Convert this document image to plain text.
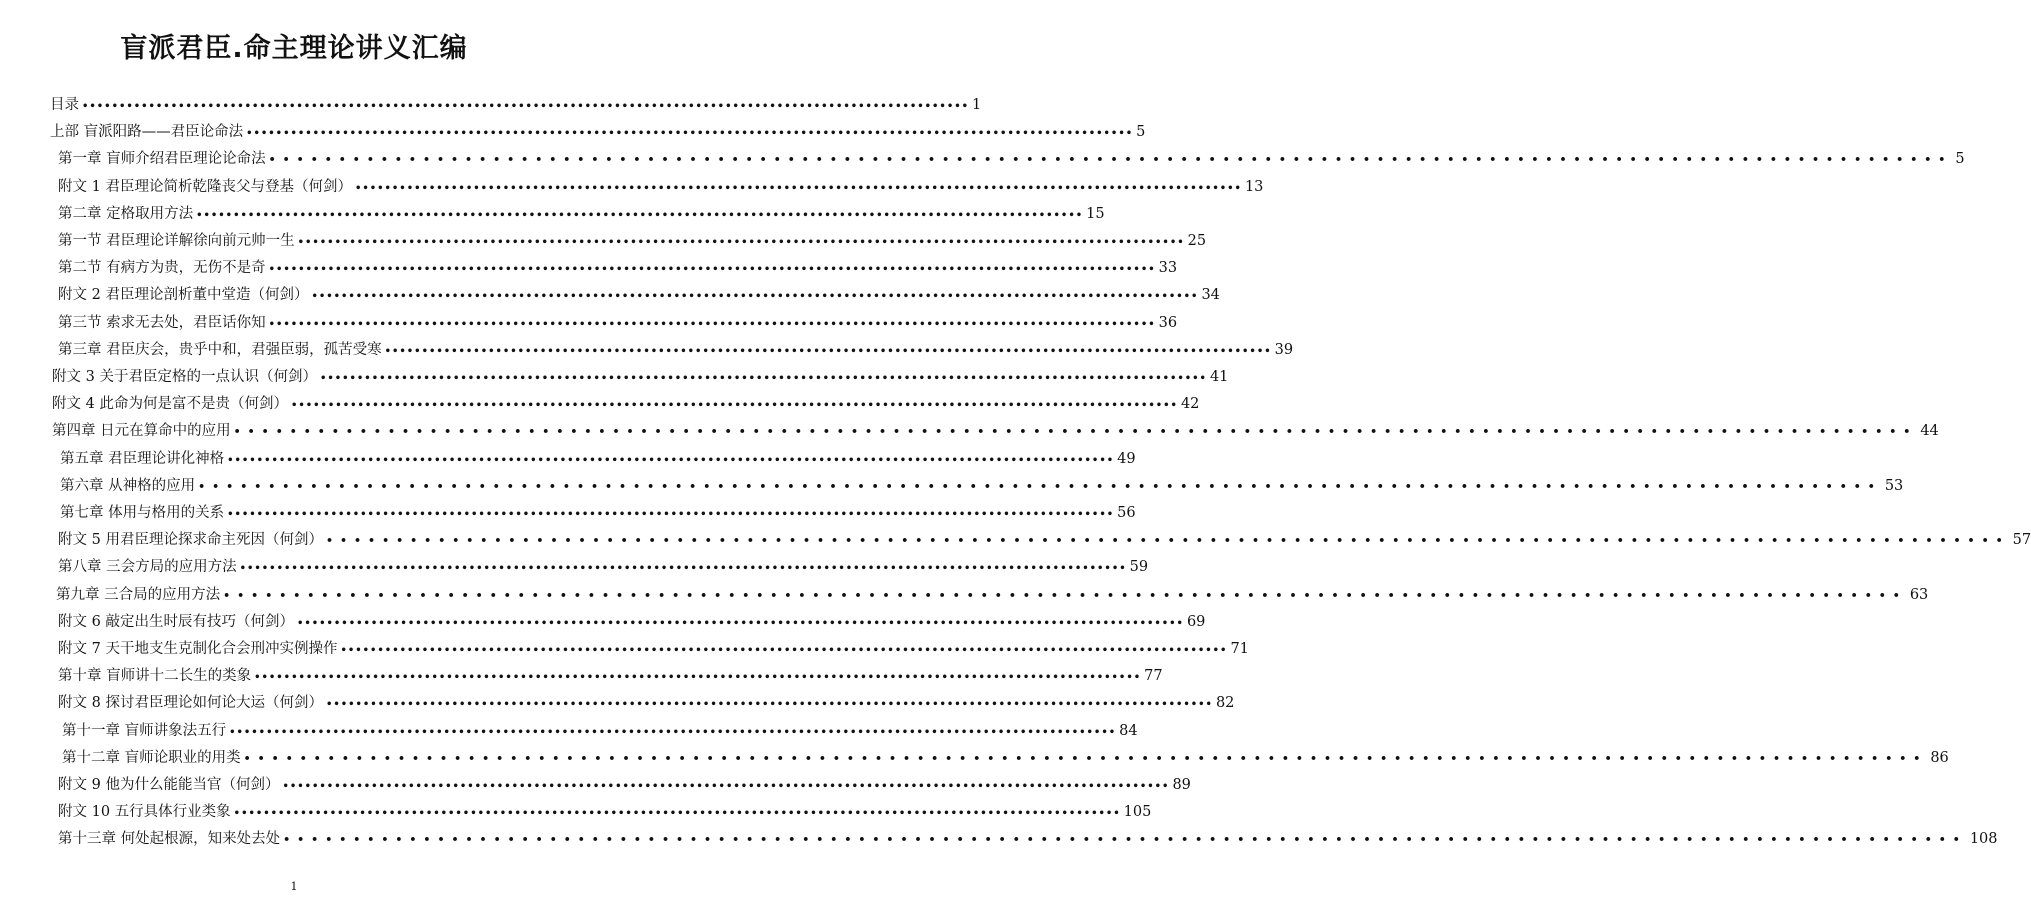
盲派君臣.命主理论讲义汇编
目录 •••••••••••••••••••••••••••••••••••••••••••••••••••••••••••••••••••••••••••••••••••••••••••••••••••••••••••••••••••••••• 1
上部 盲派阳路——君臣论命法 •••••••••••••••••••••••••••••••••••••••••••••••••••••••••••••••••••••••••••••••••••••••••••••••••••••••••••••••••••••••• 5
第一章 盲师介绍君臣理论论命法 •••••••••••••••••••••••••••••••••••••••••••••••••••••••••••••••••••••••••••••••••••••••••••••••••••••••••••••••••••••••• 5
附文 1 君臣理论简析乾隆丧父与登基（何剑） •••••••••••••••••••••••••••••••••••••••••••••••••••••••••••••••••••••••••••••••••••••••••••••••••••••••••••••••••••••••• 13
第二章 定格取用方法 •••••••••••••••••••••••••••••••••••••••••••••••••••••••••••••••••••••••••••••••••••••••••••••••••••••••••••••••••••••••• 15
第一节 君臣理论详解徐向前元帅一生 •••••••••••••••••••••••••••••••••••••••••••••••••••••••••••••••••••••••••••••••••••••••••••••••••••••••••••••••••••••••• 25
第二节 有病方为贵，无伤不是奇 •••••••••••••••••••••••••••••••••••••••••••••••••••••••••••••••••••••••••••••••••••••••••••••••••••••••••••••••••••••••• 33
附文 2 君臣理论剖析董中堂造（何剑） •••••••••••••••••••••••••••••••••••••••••••••••••••••••••••••••••••••••••••••••••••••••••••••••••••••••••••••••••••••••• 34
第三节 索求无去处，君臣话你知 •••••••••••••••••••••••••••••••••••••••••••••••••••••••••••••••••••••••••••••••••••••••••••••••••••••••••••••••••••••••• 36
第三章 君臣庆会，贵乎中和，君强臣弱，孤苦受寒 •••••••••••••••••••••••••••••••••••••••••••••••••••••••••••••••••••••••••••••••••••••••••••••••••••••••••••••••••••••••• 39
附文 3 关于君臣定格的一点认识（何剑） •••••••••••••••••••••••••••••••••••••••••••••••••••••••••••••••••••••••••••••••••••••••••••••••••••••••••••••••••••••••• 41
附文 4 此命为何是富不是贵（何剑） •••••••••••••••••••••••••••••••••••••••••••••••••••••••••••••••••••••••••••••••••••••••••••••••••••••••••••••••••••••••• 42
第四章 日元在算命中的应用 •••••••••••••••••••••••••••••••••••••••••••••••••••••••••••••••••••••••••••••••••••••••••••••••••••••••••••••••••••••••• 44
第五章 君臣理论讲化神格 •••••••••••••••••••••••••••••••••••••••••••••••••••••••••••••••••••••••••••••••••••••••••••••••••••••••••••••••••••••••• 49
第六章 从神格的应用 •••••••••••••••••••••••••••••••••••••••••••••••••••••••••••••••••••••••••••••••••••••••••••••••••••••••••••••••••••••••• 53
第七章 体用与格用的关系 •••••••••••••••••••••••••••••••••••••••••••••••••••••••••••••••••••••••••••••••••••••••••••••••••••••••••••••••••••••••• 56
附文 5 用君臣理论探求命主死因（何剑） •••••••••••••••••••••••••••••••••••••••••••••••••••••••••••••••••••••••••••••••••••••••••••••••••••••••••••••••••••••••• 57
第八章 三会方局的应用方法 •••••••••••••••••••••••••••••••••••••••••••••••••••••••••••••••••••••••••••••••••••••••••••••••••••••••••••••••••••••••• 59
第九章 三合局的应用方法 •••••••••••••••••••••••••••••••••••••••••••••••••••••••••••••••••••••••••••••••••••••••••••••••••••••••••••••••••••••••• 63
附文 6 敲定出生时辰有技巧（何剑） •••••••••••••••••••••••••••••••••••••••••••••••••••••••••••••••••••••••••••••••••••••••••••••••••••••••••••••••••••••••• 69
附文 7 天干地支生克制化合会刑冲实例操作 •••••••••••••••••••••••••••••••••••••••••••••••••••••••••••••••••••••••••••••••••••••••••••••••••••••••••••••••••••••••• 71
第十章 盲师讲十二长生的类象 •••••••••••••••••••••••••••••••••••••••••••••••••••••••••••••••••••••••••••••••••••••••••••••••••••••••••••••••••••••••• 77
附文 8 探讨君臣理论如何论大运（何剑） •••••••••••••••••••••••••••••••••••••••••••••••••••••••••••••••••••••••••••••••••••••••••••••••••••••••••••••••••••••••• 82
第十一章 盲师讲象法五行 •••••••••••••••••••••••••••••••••••••••••••••••••••••••••••••••••••••••••••••••••••••••••••••••••••••••••••••••••••••••• 84
第十二章 盲师论职业的用类 •••••••••••••••••••••••••••••••••••••••••••••••••••••••••••••••••••••••••••••••••••••••••••••••••••••••••••••••••••••••• 86
附文 9 他为什么能能当官（何剑） •••••••••••••••••••••••••••••••••••••••••••••••••••••••••••••••••••••••••••••••••••••••••••••••••••••••••••••••••••••••• 89
附文 10 五行具体行业类象 •••••••••••••••••••••••••••••••••••••••••••••••••••••••••••••••••••••••••••••••••••••••••••••••••••••••••••••••••••••••• 105
第十三章 何处起根源，知来处去处 •••••••••••••••••••••••••••••••••••••••••••••••••••••••••••••••••••••••••••••••••••••••••••••••••••••••••••••••••••••••• 108
1
